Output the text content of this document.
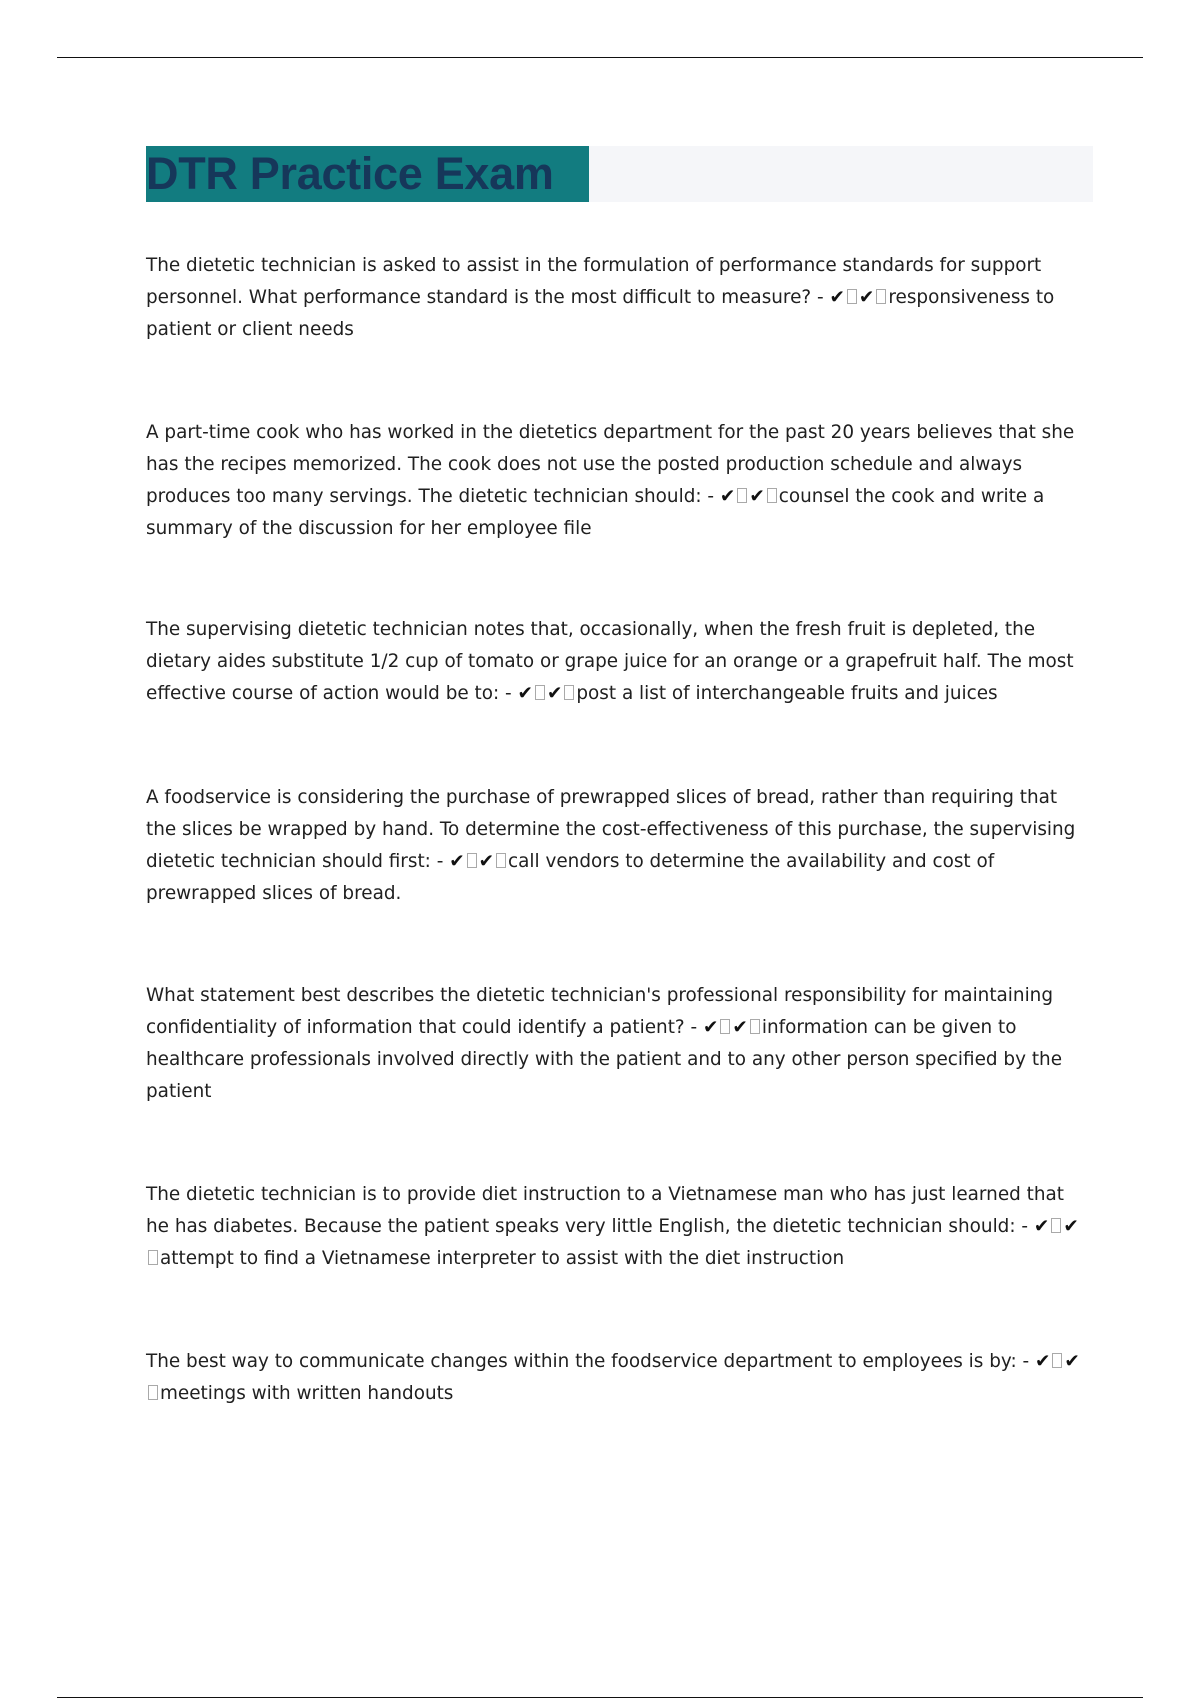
DTR Practice Exam

The dietetic technician is asked to assist in the formulation of performance standards for support personnel. What performance standard is the most difficult to measure? - ✔ ✔ responsiveness to patient or client needs

A part-time cook who has worked in the dietetics department for the past 20 years believes that she has the recipes memorized. The cook does not use the posted production schedule and always produces too many servings. The dietetic technician should: - ✔ ✔ counsel the cook and write a summary of the discussion for her employee file

The supervising dietetic technician notes that, occasionally, when the fresh fruit is depleted, the dietary aides substitute 1/2 cup of tomato or grape juice for an orange or a grapefruit half. The most effective course of action would be to: - ✔ ✔ post a list of interchangeable fruits and juices

A foodservice is considering the purchase of prewrapped slices of bread, rather than requiring that the slices be wrapped by hand. To determine the cost-effectiveness of this purchase, the supervising dietetic technician should first: - ✔ ✔ call vendors to determine the availability and cost of prewrapped slices of bread.

What statement best describes the dietetic technician's professional responsibility for maintaining confidentiality of information that could identify a patient? - ✔ ✔ information can be given to healthcare professionals involved directly with the patient and to any other person specified by the patient

The dietetic technician is to provide diet instruction to a Vietnamese man who has just learned that he has diabetes. Because the patient speaks very little English, the dietetic technician should: - ✔ ✔attempt to find a Vietnamese interpreter to assist with the diet instruction

The best way to communicate changes within the foodservice department to employees is by: - ✔ ✔meetings with written handouts
